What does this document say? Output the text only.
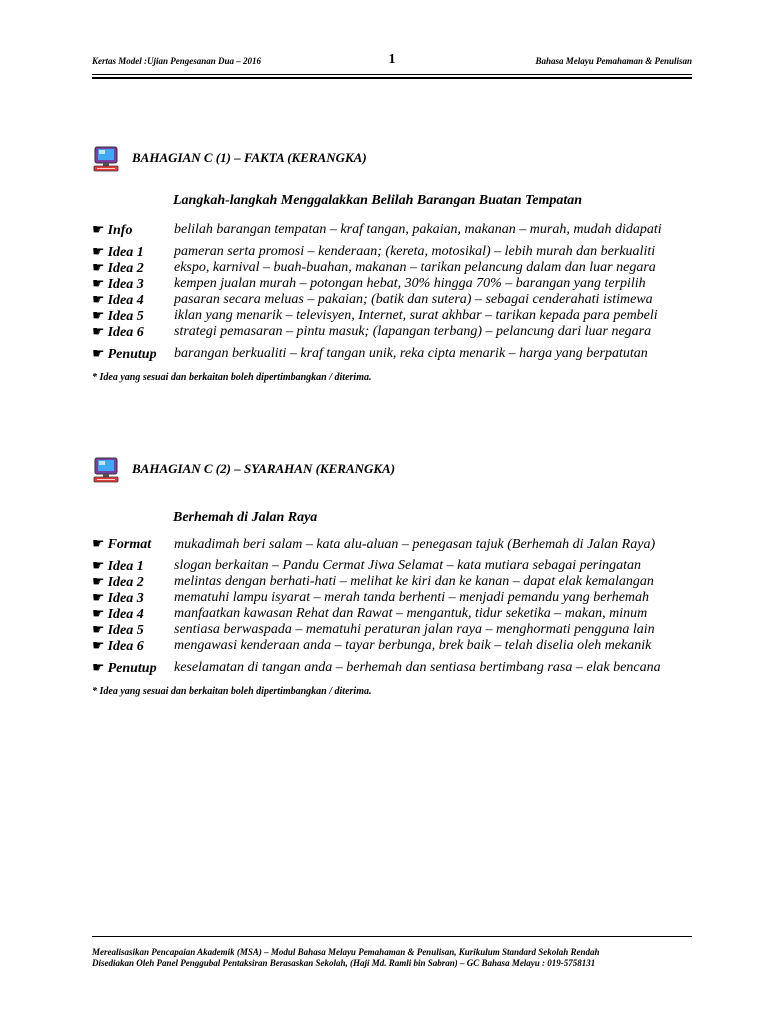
Kertas Model :Ujian Pengesanan Dua – 2016	1	Bahasa Melayu Pemahaman & Penulisan
BAHAGIAN C (1) – FAKTA (KERANGKA)
Langkah-langkah Menggalakkan Belilah Barangan Buatan Tempatan
☛ Info	belilah barangan tempatan – kraf tangan, pakaian, makanan – murah, mudah didapati
☛ Idea 1 pameran serta promosi – kenderaan; (kereta, motosikal) – lebih murah dan berkualiti
☛ Idea 2 ekspo, karnival – buah-buahan, makanan – tarikan pelancung dalam dan luar negara
☛ Idea 3 kempen jualan murah – potongan hebat, 30% hingga 70% – barangan yang terpilih
☛ Idea 4 pasaran secara meluas – pakaian; (batik dan sutera) – sebagai cenderahati istimewa
☛ Idea 5 iklan yang menarik – televisyen, Internet, surat akhbar – tarikan kepada para pembeli
☛ Idea 6 strategi pemasaran – pintu masuk; (lapangan terbang) – pelancung dari luar negara
☛ Penutup barangan berkualiti – kraf tangan unik, reka cipta menarik – harga yang berpatutan
* Idea yang sesuai dan berkaitan boleh dipertimbangkan / diterima.
BAHAGIAN C (2) – SYARAHAN (KERANGKA)
Berhemah di Jalan Raya
☛ Format mukadimah beri salam – kata alu-aluan – penegasan tajuk (Berhemah di Jalan Raya)
☛ Idea 1 slogan berkaitan – Pandu Cermat Jiwa Selamat – kata mutiara sebagai peringatan
☛ Idea 2 melintas dengan berhati-hati – melihat ke kiri dan ke kanan – dapat elak kemalangan
☛ Idea 3 mematuhi lampu isyarat – merah tanda berhenti – menjadi pemandu yang berhemah
☛ Idea 4 manfaatkan kawasan Rehat dan Rawat – mengantuk, tidur seketika – makan, minum
☛ Idea 5 sentiasa berwaspada – mematuhi peraturan jalan raya – menghormati pengguna lain
☛ Idea 6 mengawasi kenderaan anda – tayar berbunga, brek baik – telah diselia oleh mekanik
☛ Penutup keselamatan di tangan anda – berhemah dan sentiasa bertimbang rasa – elak bencana
* Idea yang sesuai dan berkaitan boleh dipertimbangkan / diterima.
Merealisasikan Pencapaian Akademik (MSA) – Modul Bahasa Melayu Pemahaman & Penulisan, Kurikulum Standard Sekolah Rendah
Disediakan Oleh Panel Penggubal Pentaksiran Berasaskan Sekolah, (Haji Md. Ramli bin Sabran) – GC Bahasa Melayu : 019-5758131
